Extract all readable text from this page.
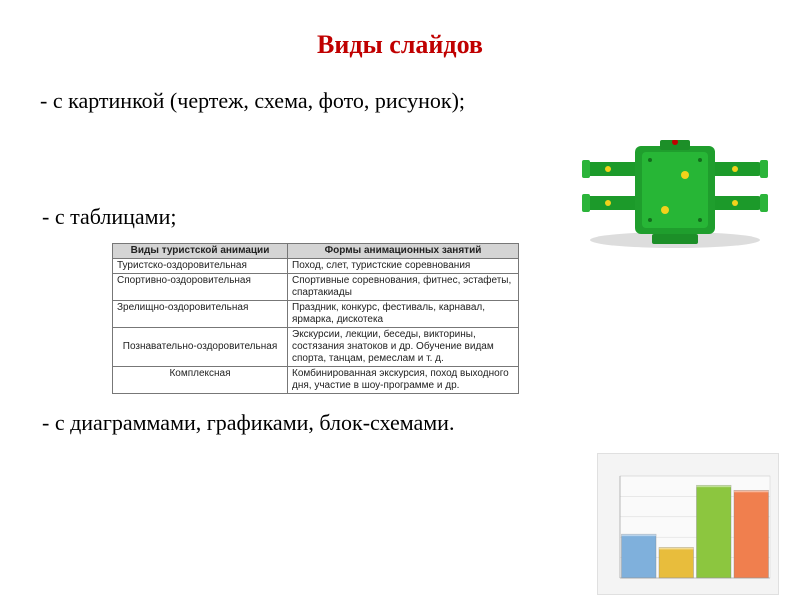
Виды слайдов
- с картинкой (чертеж, схема, фото, рисунок);
- с таблицами;
- с диаграммами, графиками, блок-схемами.
Виды туристской анимации	Формы анимационных занятий
Туристско-оздоровительная	Поход, слет, туристские соревнования
Спортивно-оздоровительная	Спортивные соревнования, фитнес, эстафеты, спартакиады
Зрелищно-оздоровительная	Праздник, конкурс, фестиваль, карнавал, ярмарка, дискотека
Познавательно-оздоровительная	Экскурсии, лекции, беседы, викторины, состязания знатоков и др. Обучение видам спорта, танцам, ремеслам и т. д.
Комплексная	Комбинированная экскурсия, поход выходного дня, участие в шоу-программе и др.
